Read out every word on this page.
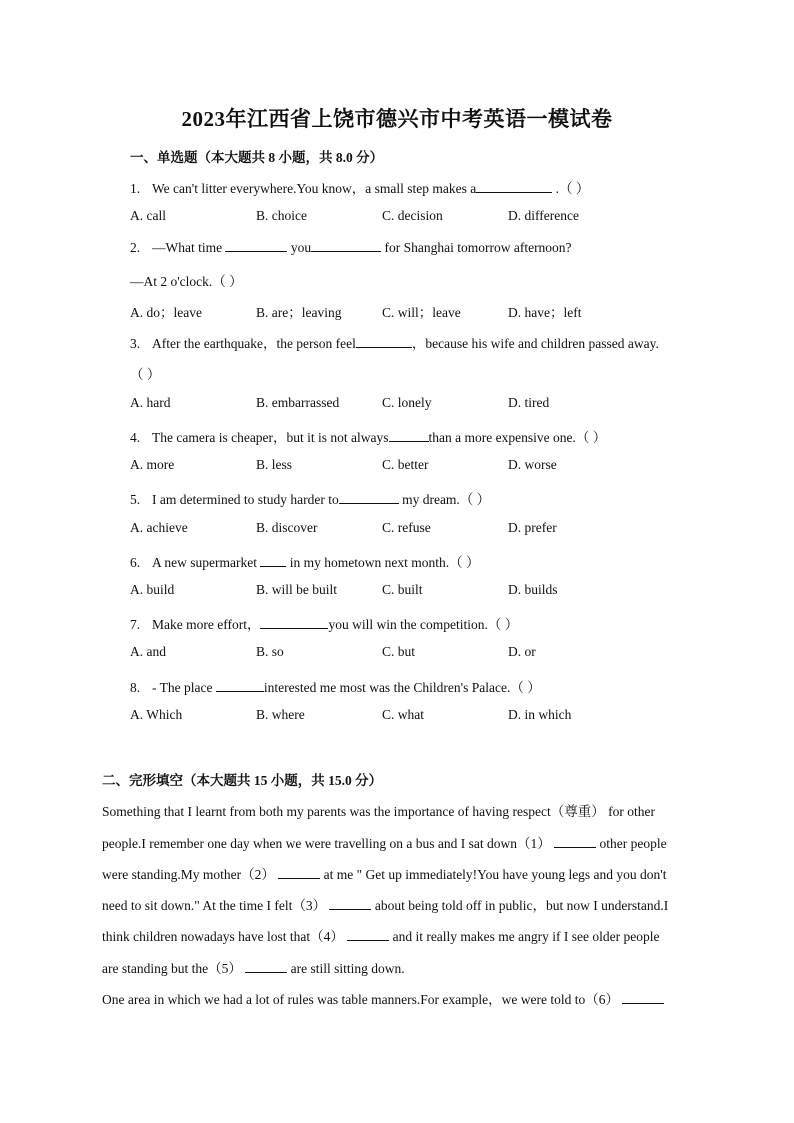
2023年江西省上饶市德兴市中考英语一模试卷
一、单选题（本大题共 8 小题，共 8.0 分）
1. We can't litter everywhere.You know，a small step makes a	.（ ）
A. call	B. choice	C. decision	D. difference
2. —What time	you	for Shanghai tomorrow afternoon?
—At 2 o'clock.（ ）
A. do；leave	B. are；leaving	C. will；leave	D. have；left
3. After the earthquake，the person feel	，because his wife and children passed away.
（ ）
A. hard	B. embarrassed	C. lonely	D. tired
4. The camera is cheaper，but it is not always	than a more expensive one.（ ）
A. more	B. less	C. better	D. worse
5. I am determined to study harder to	my dream.（ ）
A. achieve	B. discover	C. refuse	D. prefer
6. A new supermarket  in my hometown next month.（ ）
A. build	B. will be built	C. built	D. builds
7. Make more effort，	you will win the competition.（ ）
A. and	B. so	C. but	D. or
8. - The place	interested me most was the Children's Palace.（ ）
A. Which	B. where	C. what	D. in which
二、完形填空（本大题共 15 小题，共 15.0 分）
Something that I learnt from both my parents was the importance of having respect（尊重） for other
people.I remember one day when we were travelling on a bus and I sat down（1）	other people
were standing.My mother（2）	at me " Get up immediately!You have young legs and you don't
need to sit down." At the time I felt（3）	about being told off in public，but now I understand.I
think children nowadays have lost that（4）	and it really makes me angry if I see older people
are standing but the（5）	are still sitting down.
One area in which we had a lot of rules was table manners.For example，we were told to（6）
